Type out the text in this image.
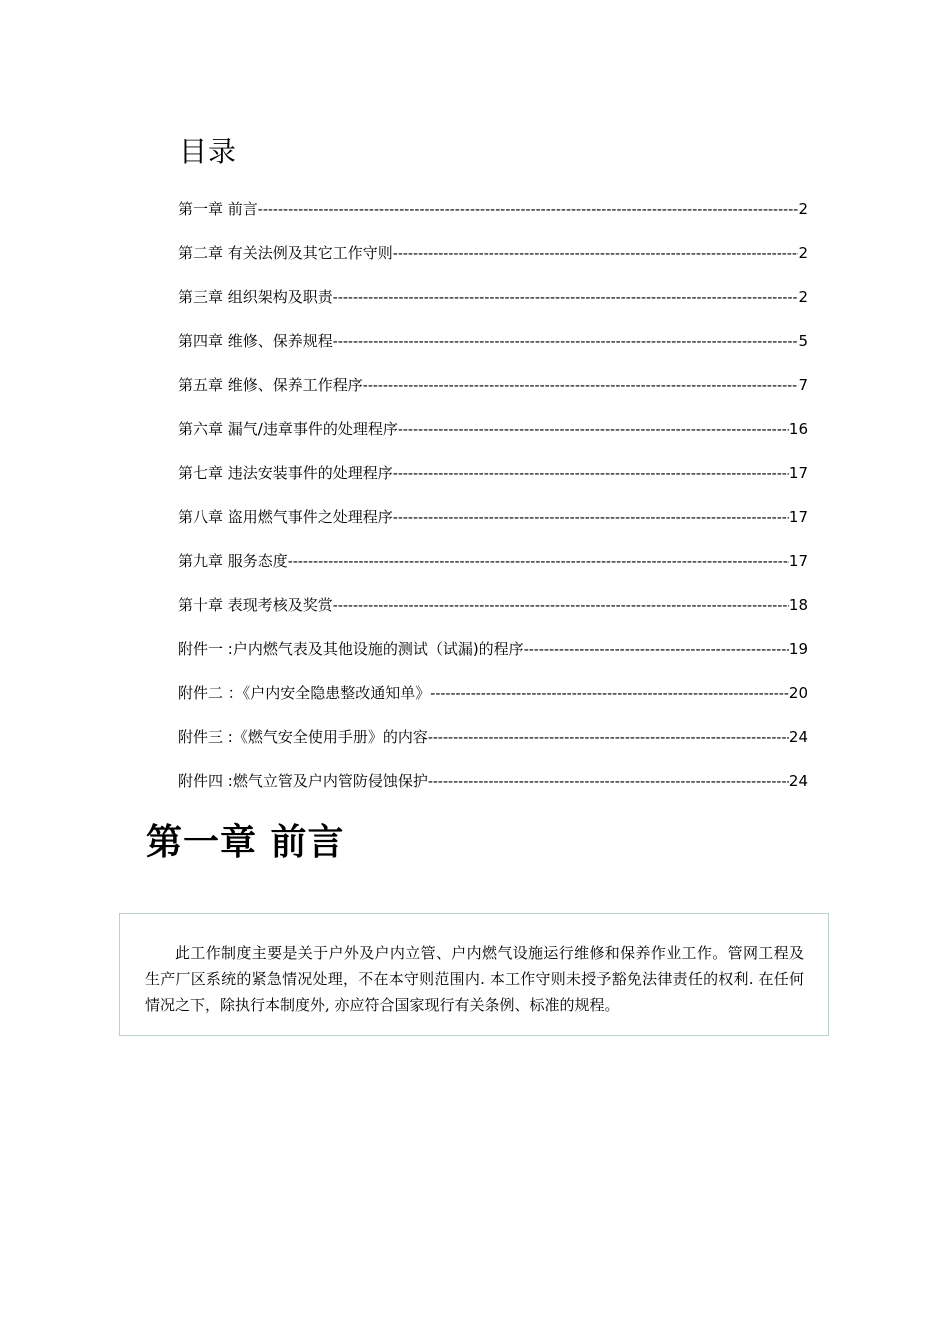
目录
第一章 前言 -----	2
第二章 有关法例及其它工作守则 -----	2
第三章 组织架构及职责 -----	2
第四章 维修、保养规程 -----	5
第五章 维修、保养工作程序 -----	7
第六章 漏气/违章事件的处理程序 -----	16
第七章 违法安装事件的处理程序 -----	17
第八章 盗用燃气事件之处理程序 -----	17
第九章 服务态度 -----	17
第十章 表现考核及奖赏 -----	18
附件一 :户内燃气表及其他设施的测试（试漏)的程序 -----	19
附件二 ：《户内安全隐患整改通知单》 -----	20
附件三 :《燃气安全使用手册》的内容 -----	24
附件四 :燃气立管及户内管防侵蚀保护 -----	24
第一章 前言

此工作制度主要是关于户外及户内立管、户内燃气设施运行维修和保养作业工作。管网工程及生产厂区系统的紧急情况处理，不在本守则范围内. 本工作守则未授予豁免法律责任的权利. 在任何情况之下，除执行本制度外, 亦应符合国家现行有关条例、标准的规程。
